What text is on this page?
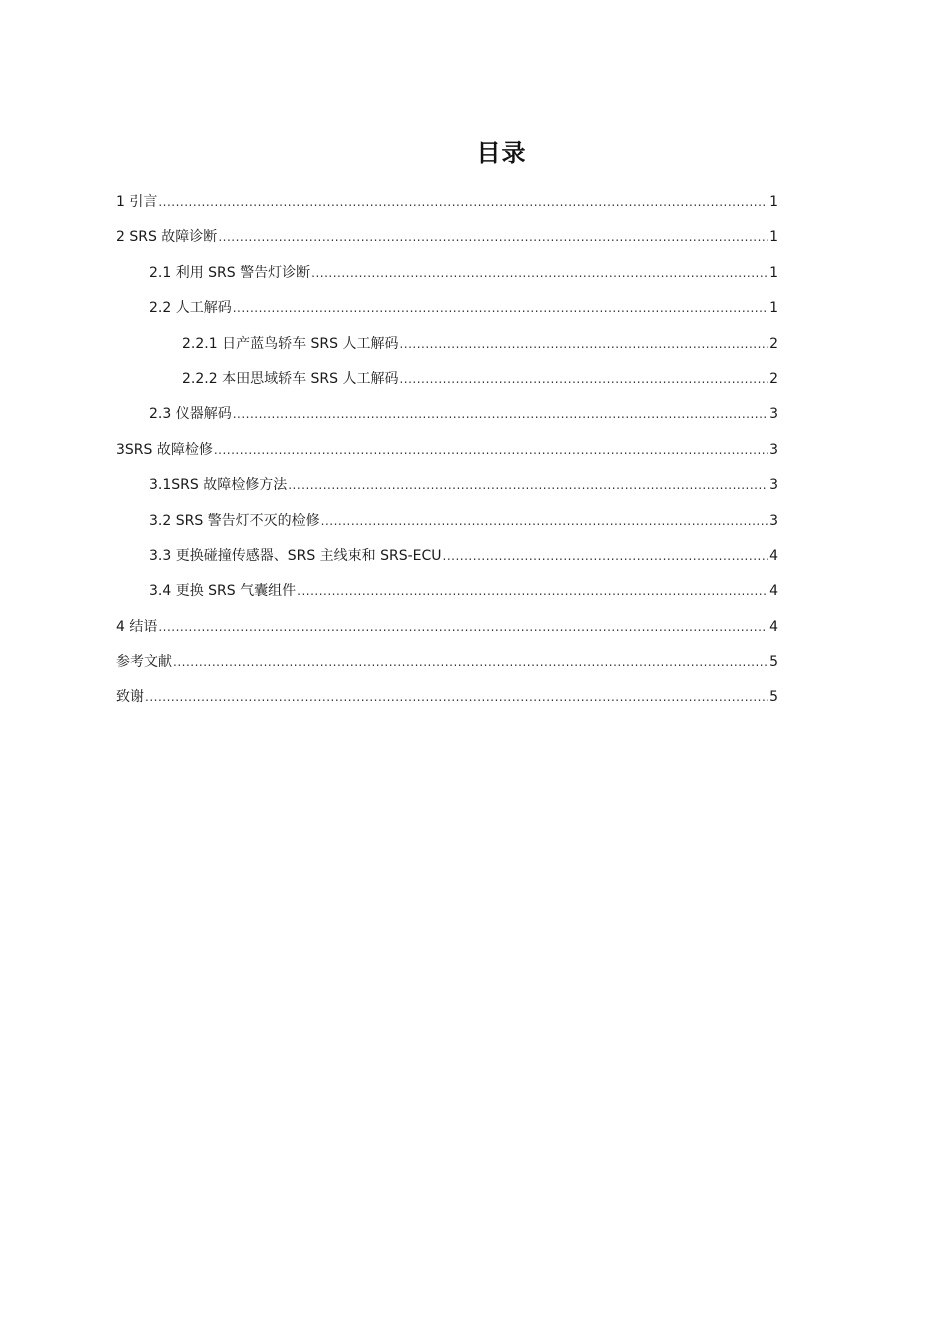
目录
1 引言 .....	1
2 SRS 故障诊断 .....	1
2.1 利用 SRS 警告灯诊断 .....	1
2.2 人工解码 .....	1
2.2.1 日产蓝鸟轿车 SRS 人工解码 .....	2
2.2.2 本田思域轿车 SRS 人工解码 .....	2
2.3 仪器解码 .....	3
3SRS 故障检修 .....	3
3.1SRS 故障检修方法 .....	3
3.2 SRS 警告灯不灭的检修 .....	3
3.3 更换碰撞传感器、SRS 主线束和 SRS-ECU .....	4
3.4 更换 SRS 气囊组件 .....	4
4 结语 .....	4
参考文献 .....	5
致谢 .....	5
